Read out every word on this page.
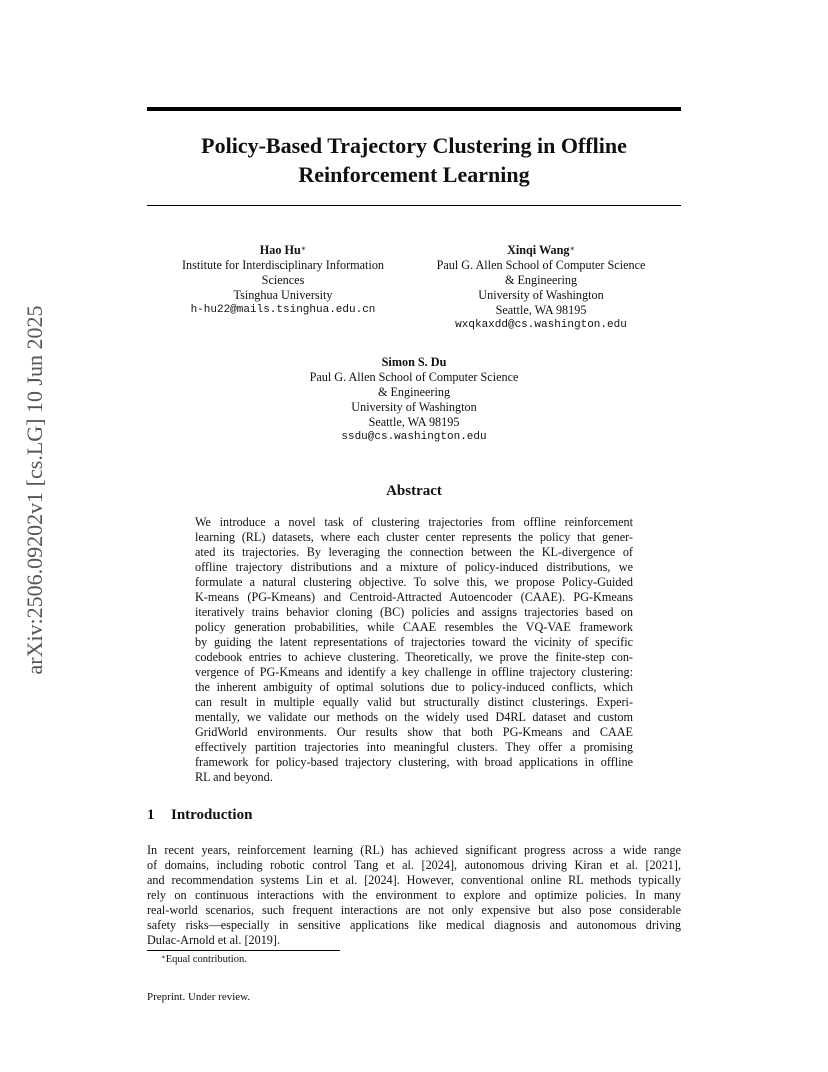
arXiv:2506.09202v1 [cs.LG] 10 Jun 2025
Policy-Based Trajectory Clustering in Offline
Reinforcement Learning
Hao Hu∗
Institute for Interdisciplinary Information
Sciences
Tsinghua University
h-hu22@mails.tsinghua.edu.cn
Xinqi Wang∗
Paul G. Allen School of Computer Science
& Engineering
University of Washington
Seattle, WA 98195
wxqkaxdd@cs.washington.edu
Simon S. Du
Paul G. Allen School of Computer Science
& Engineering
University of Washington
Seattle, WA 98195
ssdu@cs.washington.edu
Abstract
We introduce a novel task of clustering trajectories from offline reinforcement
learning (RL) datasets, where each cluster center represents the policy that gener-
ated its trajectories. By leveraging the connection between the KL-divergence of
offline trajectory distributions and a mixture of policy-induced distributions, we
formulate a natural clustering objective. To solve this, we propose Policy-Guided
K-means (PG-Kmeans) and Centroid-Attracted Autoencoder (CAAE). PG-Kmeans
iteratively trains behavior cloning (BC) policies and assigns trajectories based on
policy generation probabilities, while CAAE resembles the VQ-VAE framework
by guiding the latent representations of trajectories toward the vicinity of specific
codebook entries to achieve clustering. Theoretically, we prove the finite-step con-
vergence of PG-Kmeans and identify a key challenge in offline trajectory clustering:
the inherent ambiguity of optimal solutions due to policy-induced conflicts, which
can result in multiple equally valid but structurally distinct clusterings. Experi-
mentally, we validate our methods on the widely used D4RL dataset and custom
GridWorld environments. Our results show that both PG-Kmeans and CAAE
effectively partition trajectories into meaningful clusters. They offer a promising
framework for policy-based trajectory clustering, with broad applications in offline
RL and beyond.
1 Introduction
In recent years, reinforcement learning (RL) has achieved significant progress across a wide range
of domains, including robotic control Tang et al. [2024], autonomous driving Kiran et al. [2021],
and recommendation systems Lin et al. [2024]. However, conventional online RL methods typically
rely on continuous interactions with the environment to explore and optimize policies. In many
real-world scenarios, such frequent interactions are not only expensive but also pose considerable
safety risks—especially in sensitive applications like medical diagnosis and autonomous driving
Dulac-Arnold et al. [2019].
∗Equal contribution.
Preprint. Under review.
